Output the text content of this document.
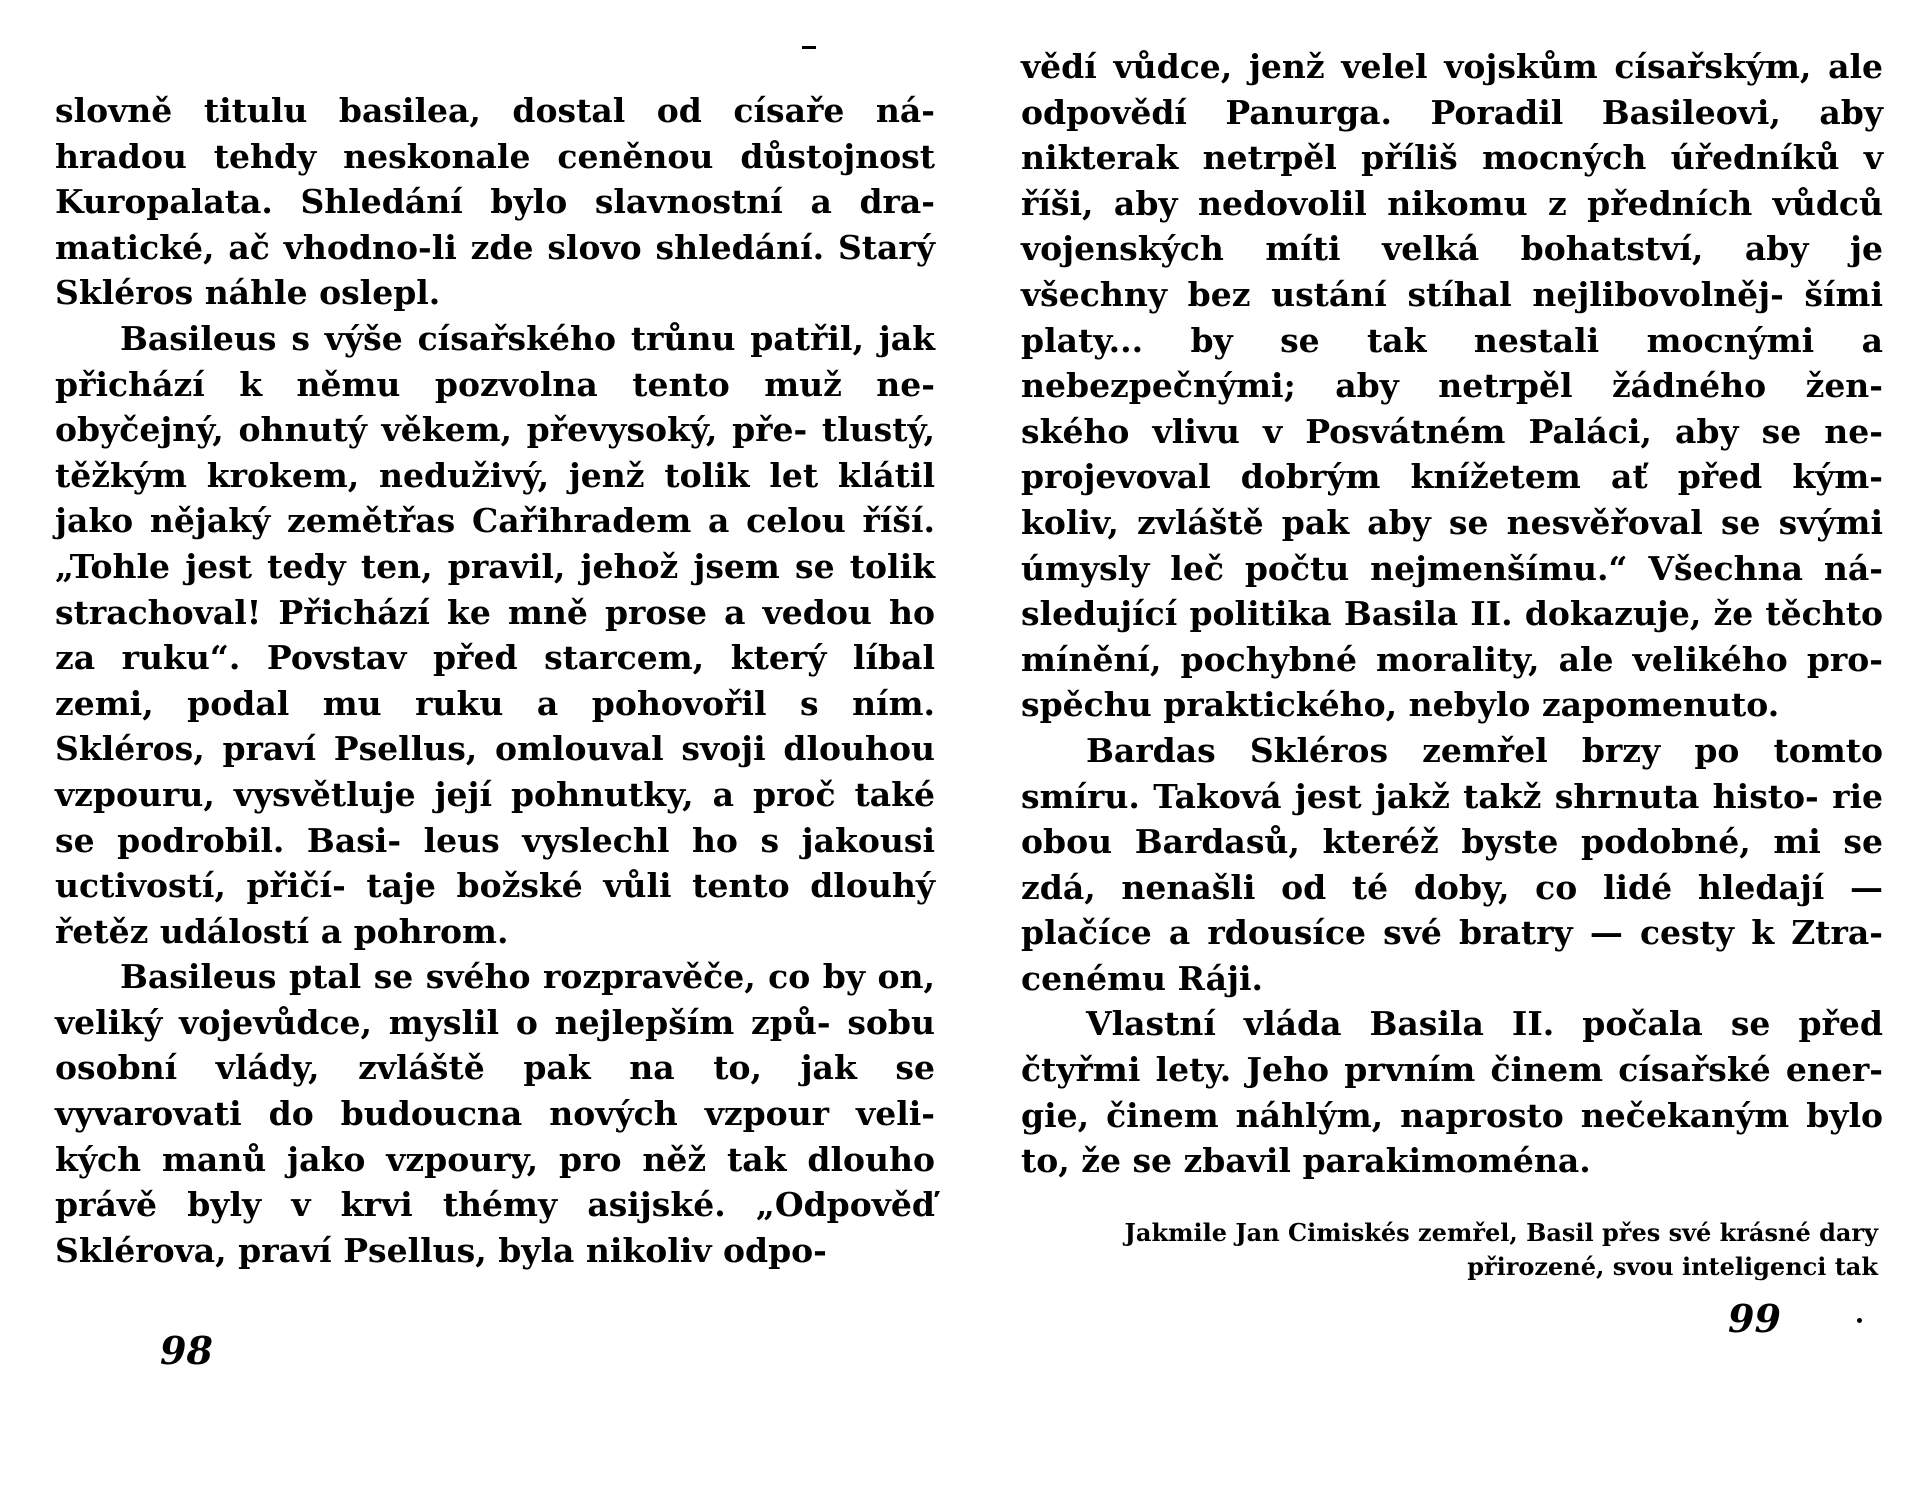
slovně titulu basilea, dostal od císaře ná- hradou tehdy neskonale ceněnou důstojnost Kuropalata. Shledání bylo slavnostní a dra- matické, ač vhodno-li zde slovo shledání. Starý Skléros náhle oslepl.

Basileus s výše císařského trůnu patřil, jak přichází k němu pozvolna tento muž ne- obyčejný, ohnutý věkem, převysoký, pře- tlustý, těžkým krokem, neduživý, jenž tolik let klátil jako nějaký zemětřas Cařihradem a celou říší. „Tohle jest tedy ten, pravil, jehož jsem se tolik strachoval! Přichází ke mně prose a vedou ho za ruku“. Povstav před starcem, který líbal zemi, podal mu ruku a pohovořil s ním. Skléros, praví Psellus, omlouval svoji dlouhou vzpouru, vysvětluje její pohnutky, a proč také se podrobil. Basi- leus vyslechl ho s jakousi uctivostí, přičí- taje božské vůli tento dlouhý řetěz událostí a pohrom.

Basileus ptal se svého rozpravěče, co by on, veliký vojevůdce, myslil o nejlepším způ- sobu osobní vlády, zvláště pak na to, jak se vyvarovati do budoucna nových vzpour veli- kých manů jako vzpoury, pro něž tak dlouho právě byly v krvi thémy asijské. „Odpověď Sklérova, praví Psellus, byla nikoliv odpo-

98

vědí vůdce, jenž velel vojskům císařským, ale odpovědí Panurga. Poradil Basileovi, aby nikterak netrpěl příliš mocných úředníků v říši, aby nedovolil nikomu z předních vůdců vojenských míti velká bohatství, aby je všechny bez ustání stíhal nejlibovolněj- šími platy... by se tak nestali mocnými a nebezpečnými; aby netrpěl žádného žen- ského vlivu v Posvátném Paláci, aby se ne- projevoval dobrým knížetem ať před kým- koliv, zvláště pak aby se nesvěřoval se svými úmysly leč počtu nejmenšímu.“ Všechna ná- sledující politika Basila II. dokazuje, že těchto mínění, pochybné morality, ale velikého pro- spěchu praktického, nebylo zapomenuto.

Bardas Skléros zemřel brzy po tomto smíru. Taková jest jakž takž shrnuta histo- rie obou Bardasů, kteréž byste podobné, mi se zdá, nenašli od té doby, co lidé hledají — plačíce a rdousíce své bratry — cesty k Ztra- cenému Ráji.

Vlastní vláda Basila II. počala se před čtyřmi lety. Jeho prvním činem císařské ener- gie, činem náhlým, naprosto nečekaným bylo to, že se zbavil parakimoména.

Jakmile Jan Cimiskés zemřel, Basil přes své krásné dary přirozené, svou inteligenci tak

99
